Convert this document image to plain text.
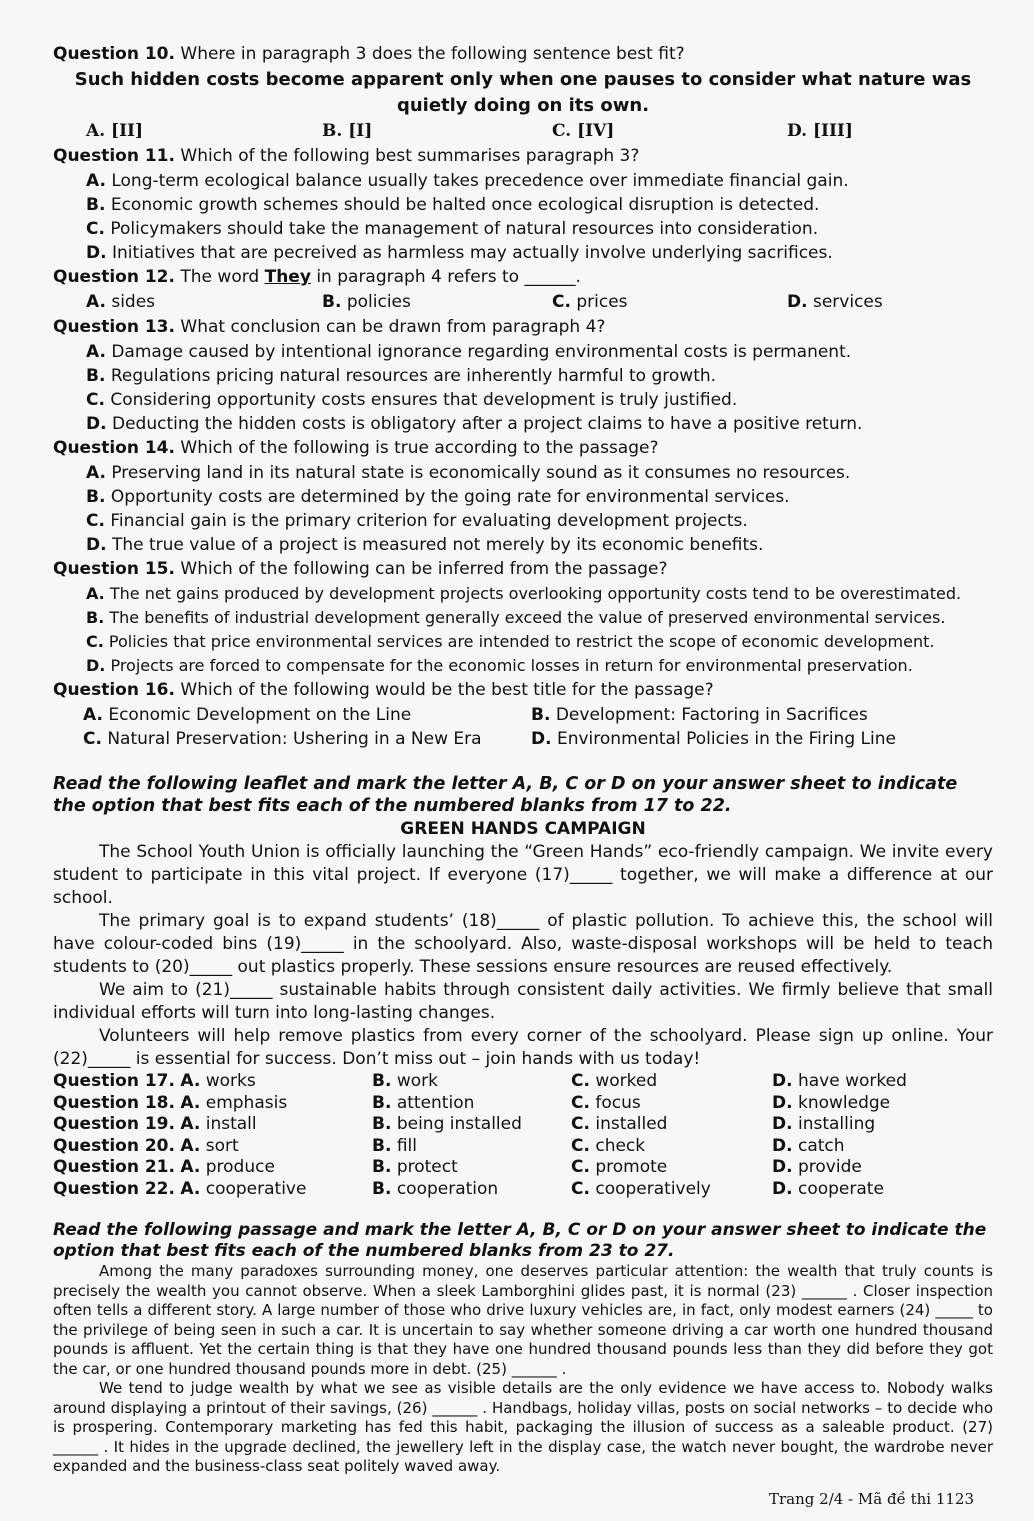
Question 10. Where in paragraph 3 does the following sentence best fit?
Such hidden costs become apparent only when one pauses to consider what nature was quietly doing on its own.
A. [II]	B. [I]	C. [IV]	D. [III]
Question 11. Which of the following best summarises paragraph 3?
A. Long-term ecological balance usually takes precedence over immediate financial gain.
B. Economic growth schemes should be halted once ecological disruption is detected.
C. Policymakers should take the management of natural resources into consideration.
D. Initiatives that are pecreived as harmless may actually involve underlying sacrifices.
Question 12. The word They in paragraph 4 refers to ______.
A. sides	B. policies	C. prices	D. services
Question 13. What conclusion can be drawn from paragraph 4?
A. Damage caused by intentional ignorance regarding environmental costs is permanent.
B. Regulations pricing natural resources are inherently harmful to growth.
C. Considering opportunity costs ensures that development is truly justified.
D. Deducting the hidden costs is obligatory after a project claims to have a positive return.
Question 14. Which of the following is true according to the passage?
A. Preserving land in its natural state is economically sound as it consumes no resources.
B. Opportunity costs are determined by the going rate for environmental services.
C. Financial gain is the primary criterion for evaluating development projects.
D. The true value of a project is measured not merely by its economic benefits.
Question 15. Which of the following can be inferred from the passage?
A. The net gains produced by development projects overlooking opportunity costs tend to be overestimated.
B. The benefits of industrial development generally exceed the value of preserved environmental services.
C. Policies that price environmental services are intended to restrict the scope of economic development.
D. Projects are forced to compensate for the economic losses in return for environmental preservation.
Question 16. Which of the following would be the best title for the passage?
A. Economic Development on the Line	B. Development: Factoring in Sacrifices
C. Natural Preservation: Ushering in a New Era	D. Environmental Policies in the Firing Line
Read the following leaflet and mark the letter A, B, C or D on your answer sheet to indicate the option that best fits each of the numbered blanks from 17 to 22.
GREEN HANDS CAMPAIGN
The School Youth Union is officially launching the “Green Hands” eco-friendly campaign. We invite every student to participate in this vital project. If everyone (17)_____ together, we will make a difference at our school.
The primary goal is to expand students’ (18)_____ of plastic pollution. To achieve this, the school will have colour-coded bins (19)_____ in the schoolyard. Also, waste-disposal workshops will be held to teach students to (20)_____ out plastics properly. These sessions ensure resources are reused effectively.
We aim to (21)_____ sustainable habits through consistent daily activities. We firmly believe that small individual efforts will turn into long-lasting changes.
Volunteers will help remove plastics from every corner of the schoolyard. Please sign up online. Your (22)_____ is essential for success. Don’t miss out – join hands with us today!
Question 17. A. works	B. work	C. worked	D. have worked
Question 18. A. emphasis	B. attention	C. focus	D. knowledge
Question 19. A. install	B. being installed	C. installed	D. installing
Question 20. A. sort	B. fill	C. check	D. catch
Question 21. A. produce	B. protect	C. promote	D. provide
Question 22. A. cooperative	B. cooperation	C. cooperatively	D. cooperate
Read the following passage and mark the letter A, B, C or D on your answer sheet to indicate the option that best fits each of the numbered blanks from 23 to 27.
Among the many paradoxes surrounding money, one deserves particular attention: the wealth that truly counts is precisely the wealth you cannot observe. When a sleek Lamborghini glides past, it is normal (23) ______ . Closer inspection often tells a different story. A large number of those who drive luxury vehicles are, in fact, only modest earners (24) _____ to the privilege of being seen in such a car. It is uncertain to say whether someone driving a car worth one hundred thousand pounds is affluent. Yet the certain thing is that they have one hundred thousand pounds less than they did before they got the car, or one hundred thousand pounds more in debt. (25) ______ .
We tend to judge wealth by what we see as visible details are the only evidence we have access to. Nobody walks around displaying a printout of their savings, (26) ______ . Handbags, holiday villas, posts on social networks – to decide who is prospering. Contemporary marketing has fed this habit, packaging the illusion of success as a saleable product. (27) ______ . It hides in the upgrade declined, the jewellery left in the display case, the watch never bought, the wardrobe never expanded and the business-class seat politely waved away.
Trang 2/4 - Mã đề thi 1123
